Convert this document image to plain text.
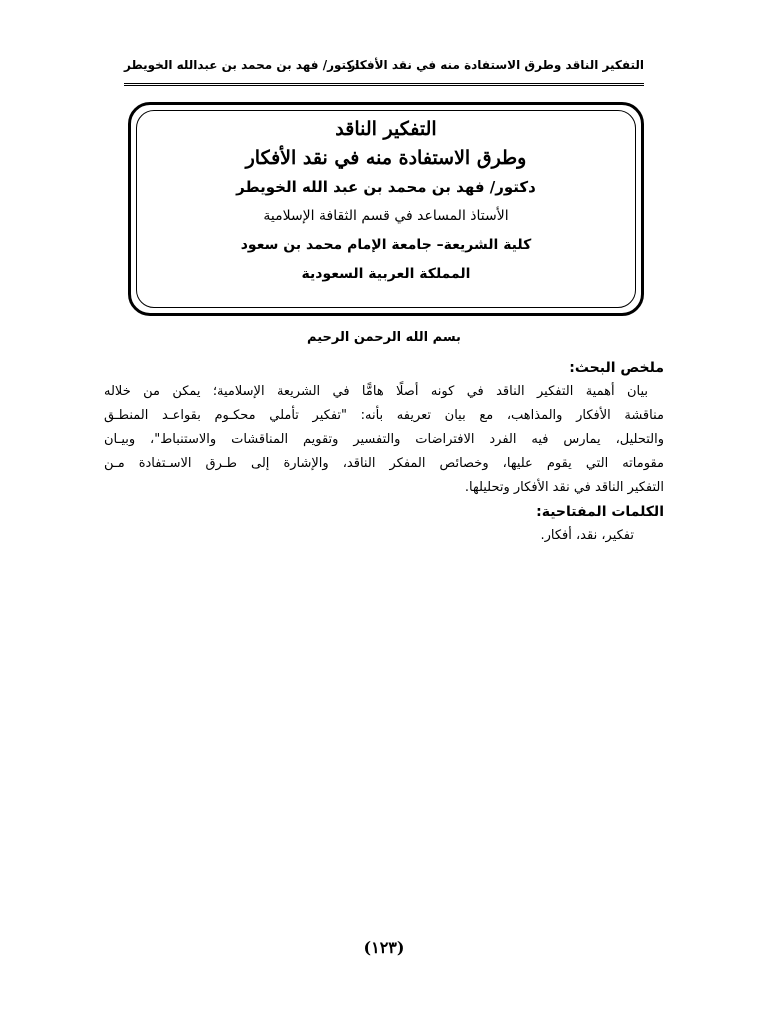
التفكير الناقد وطرق الاستفادة منه في نقد الأفكار
دكتور/ فهد بن محمد بن عبدالله الخويطر
التفكير الناقد
وطرق الاستفادة منه في نقد الأفكار
دكتور/ فهد بن محمد بن عبد الله الخويطر
الأستاذ المساعد في قسم الثقافة الإسلامية
كلية الشريعة– جامعة الإمام محمد بن سعود
المملكة العربية السعودية
بسم الله الرحمن الرحيم
ملخص البحث:
بيان أهمية التفكير الناقد في كونه أصلًا هامًّا في الشريعة الإسلامية؛ يمكن من خلاله
مناقشة الأفكار والمذاهب، مع بيان تعريفه بأنه: "تفكير تأملي محكـوم بقواعـد المنطـق
والتحليل، يمارس فيه الفرد الافتراضات والتفسير وتقويم المناقشات والاستنباط"، وبيـان
مقوماته التي يقوم عليها، وخصائص المفكر الناقد، والإشارة إلى طـرق الاسـتفادة مـن
التفكير الناقد في نقد الأفكار وتحليلها.
الكلمات المفتاحية:
تفكير، نقد، أفكار.
(١٢٣)
